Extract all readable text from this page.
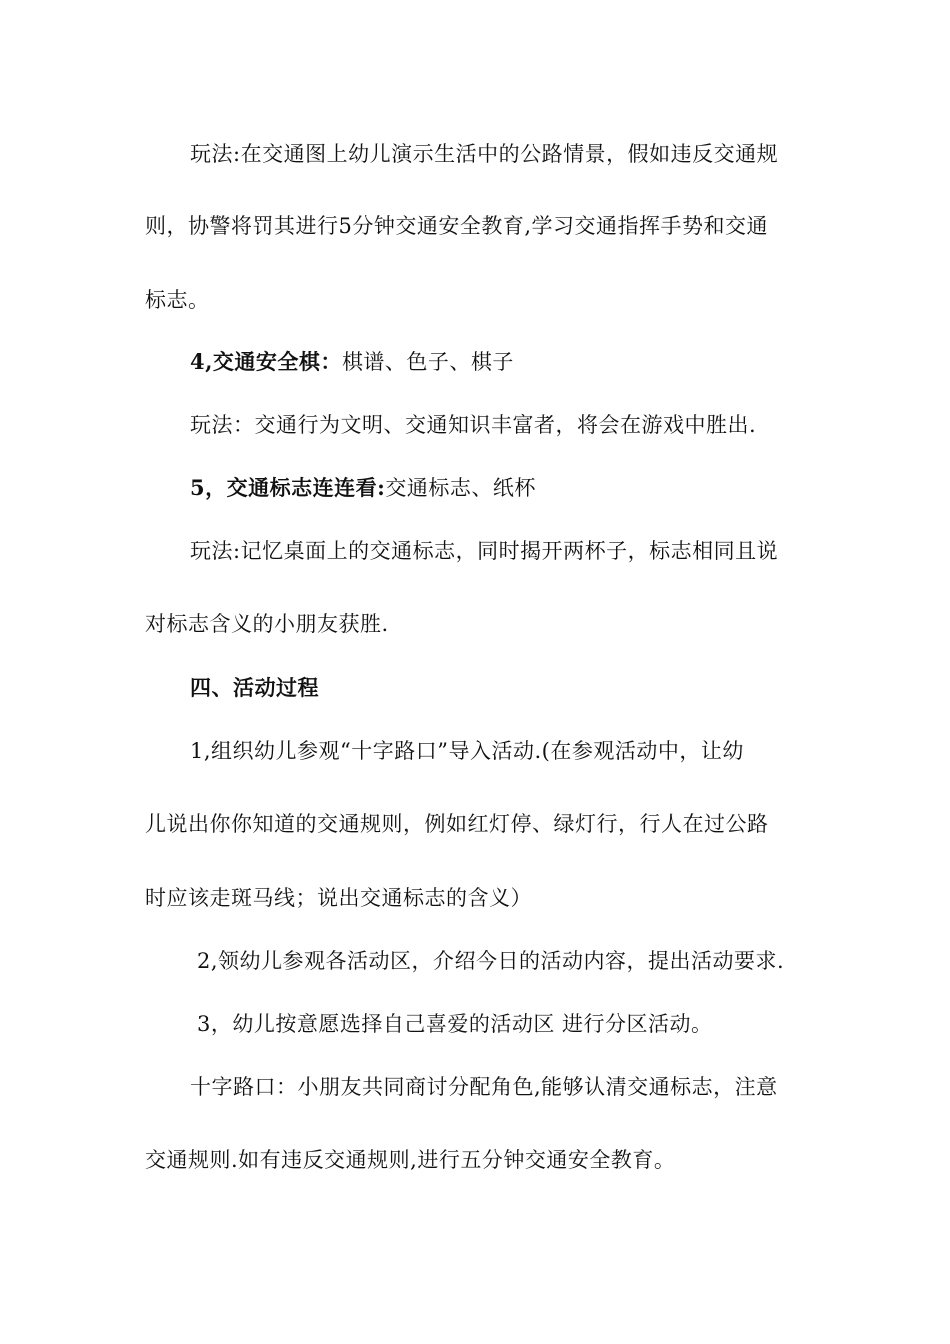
玩法:在交通图上幼儿演示生活中的公路情景，假如违反交通规
则，协警将罚其进行5分钟交通安全教育,学习交通指挥手势和交通
标志。
4,交通安全棋：棋谱、色子、棋子
玩法：交通行为文明、交通知识丰富者，将会在游戏中胜出.
5，交通标志连连看:交通标志、纸杯
玩法:记忆桌面上的交通标志，同时揭开两杯子，标志相同且说
对标志含义的小朋友获胜.
四、活动过程
1,组织幼儿参观“十字路口”导入活动.(在参观活动中，让幼
儿说出你你知道的交通规则，例如红灯停、绿灯行，行人在过公路
时应该走斑马线；说出交通标志的含义）
2,领幼儿参观各活动区，介绍今日的活动内容，提出活动要求.
3，幼儿按意愿选择自己喜爱的活动区 进行分区活动。
十字路口：小朋友共同商讨分配角色,能够认清交通标志，注意
交通规则.如有违反交通规则,进行五分钟交通安全教育。
